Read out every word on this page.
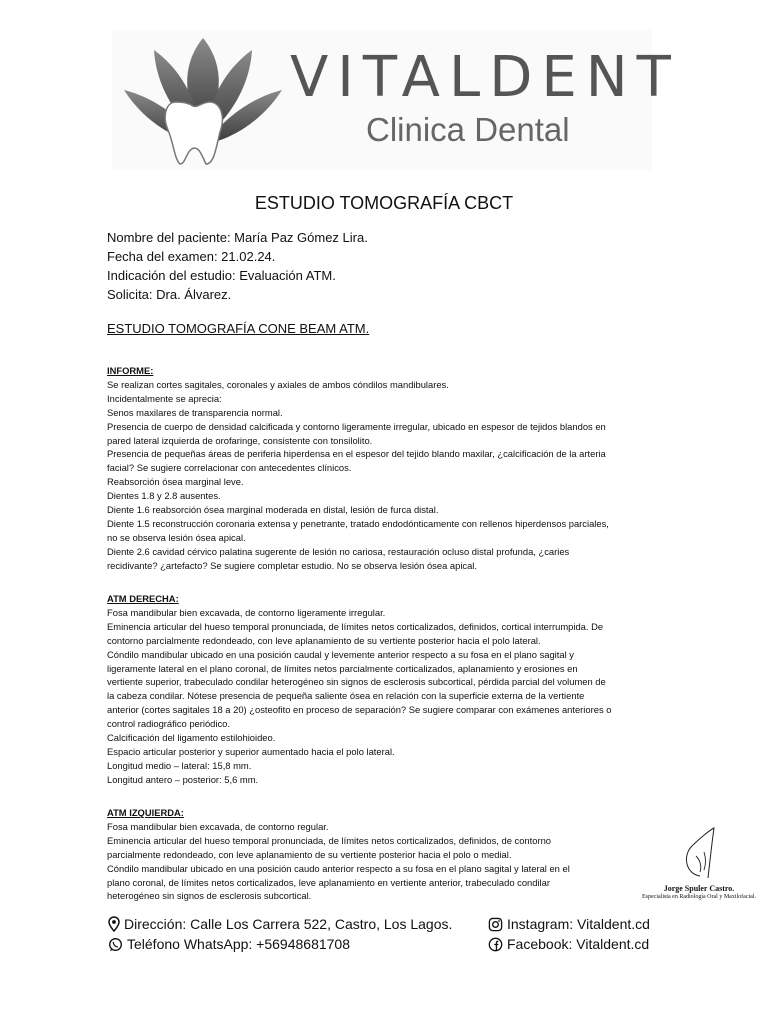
VITALDENT

Clinica Dental

ESTUDIO TOMOGRAFÍA CBCT
Nombre del paciente: María Paz Gómez Lira.
Fecha del examen: 21.02.24.
Indicación del estudio: Evaluación ATM.
Solicita: Dra. Álvarez.
ESTUDIO TOMOGRAFÍA CONE BEAM ATM.
INFORME:
Se realizan cortes sagitales, coronales y axiales de ambos cóndilos mandibulares.
Incidentalmente se aprecia:
Senos maxilares de transparencia normal.
Presencia de cuerpo de densidad calcificada y contorno ligeramente irregular, ubicado en espesor de tejidos blandos en
pared lateral izquierda de orofaringe, consistente con tonsilolito.
Presencia de pequeñas áreas de periferia hiperdensa en el espesor del tejido blando maxilar, ¿calcificación de la arteria
facial? Se sugiere correlacionar con antecedentes clínicos.
Reabsorción ósea marginal leve.
Dientes 1.8 y 2.8 ausentes.
Diente 1.6 reabsorción ósea marginal moderada en distal, lesión de furca distal.
Diente 1.5 reconstrucción coronaria extensa y penetrante, tratado endodónticamente con rellenos hiperdensos parciales,
no se observa lesión ósea apical.
Diente 2.6 cavidad cérvico palatina sugerente de lesión no cariosa, restauración ocluso distal profunda, ¿caries
recidivante? ¿artefacto? Se sugiere completar estudio. No se observa lesión ósea apical.
ATM DERECHA:
Fosa mandibular bien excavada, de contorno ligeramente irregular.
Eminencia articular del hueso temporal pronunciada, de límites netos corticalizados, definidos, cortical interrumpida. De
contorno parcialmente redondeado, con leve aplanamiento de su vertiente posterior hacia el polo lateral.
Cóndilo mandibular ubicado en una posición caudal y levemente anterior respecto a su fosa en el plano sagital y
ligeramente lateral en el plano coronal, de límites netos parcialmente corticalizados, aplanamiento y erosiones en
vertiente superior, trabeculado condilar heterogéneo sin signos de esclerosis subcortical, pérdida parcial del volumen de
la cabeza condilar. Nótese presencia de pequeña saliente ósea en relación con la superficie externa de la vertiente
anterior (cortes sagitales 18 a 20) ¿osteofito en proceso de separación? Se sugiere comparar con exámenes anteriores o
control radiográfico periódico.
Calcificación del ligamento estilohioideo.
Espacio articular posterior y superior aumentado hacia el polo lateral.
Longitud medio – lateral: 15,8 mm.
Longitud antero – posterior: 5,6 mm.
ATM IZQUIERDA:
Fosa mandibular bien excavada, de contorno regular.
Eminencia articular del hueso temporal pronunciada, de límites netos corticalizados, definidos, de contorno
parcialmente redondeado, con leve aplanamiento de su vertiente posterior hacia el polo o medial.
Cóndilo mandibular ubicado en una posición caudo anterior respecto a su fosa en el plano sagital y lateral en el
plano coronal, de límites netos corticalizados, leve aplanamiento en vertiente anterior, trabeculado condilar
heterogéneo sin signos de esclerosis subcortical.
Jorge Spuler Castro.
Especialista en Radiología Oral y Maxilofacial.
Dirección: Calle Los Carrera 522, Castro, Los Lagos.
Teléfono WhatsApp: +56948681708
Instagram: Vitaldent.cd
Facebook: Vitaldent.cd
